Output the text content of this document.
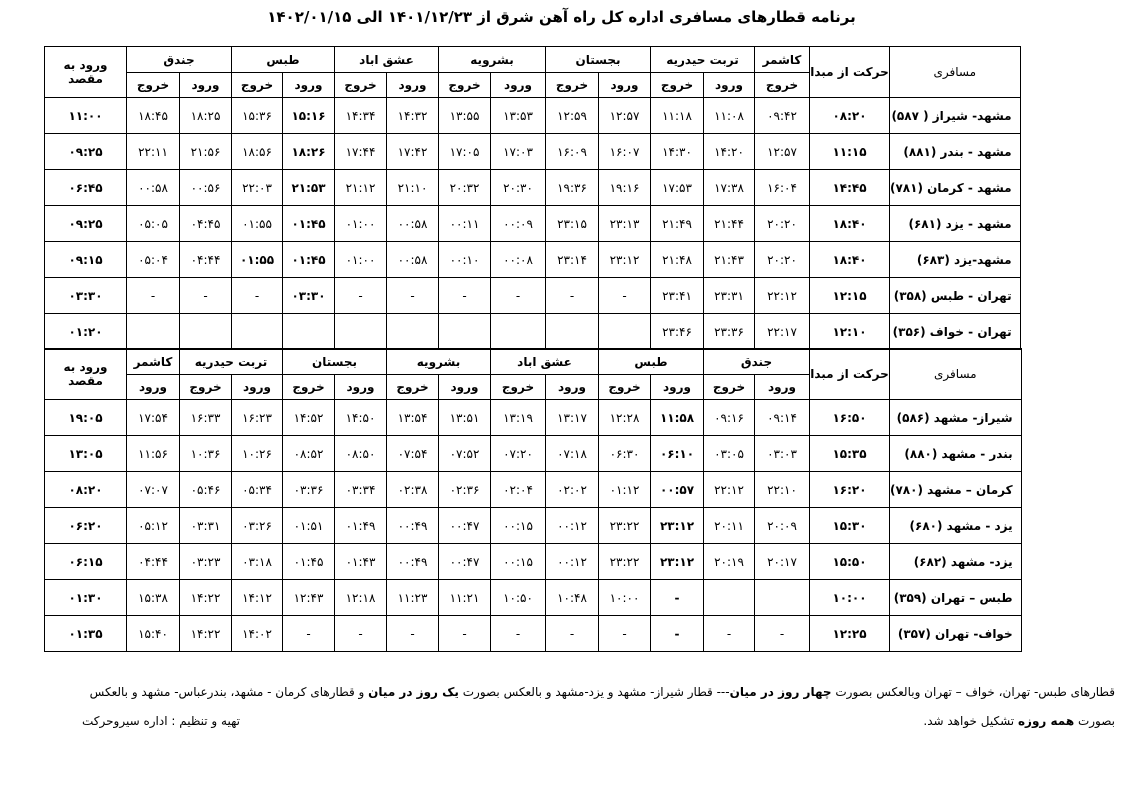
برنامه قطارهای مسافری اداره کل راه آهن شرق از ۱۴۰۱/۱۲/۲۳ الی ۱۴۰۲/۰۱/۱۵
مسافری	حرکت از مبدا	کاشمر	تربت حیدریه		بجستان		بشرویه		عشق اباد		طبس		جندق		ورود به مقصد
		خروج	ورود	خروج	ورود	خروج	ورود	خروج	ورود	خروج	ورود	خروج	ورود	خروج	
مشهد- شیراز ( ۵۸۷)	۰۸:۲۰	۰۹:۴۲	۱۱:۰۸	۱۱:۱۸	۱۲:۵۷	۱۲:۵۹	۱۳:۵۳	۱۳:۵۵	۱۴:۳۲	۱۴:۳۴	۱۵:۱۶	۱۵:۳۶	۱۸:۲۵	۱۸:۴۵	۱۱:۰۰
مشهد - بندر (۸۸۱)	۱۱:۱۵	۱۲:۵۷	۱۴:۲۰	۱۴:۳۰	۱۶:۰۷	۱۶:۰۹	۱۷:۰۳	۱۷:۰۵	۱۷:۴۲	۱۷:۴۴	۱۸:۲۶	۱۸:۵۶	۲۱:۵۶	۲۲:۱۱	۰۹:۲۵
مشهد - کرمان (۷۸۱)	۱۴:۴۵	۱۶:۰۴	۱۷:۳۸	۱۷:۵۳	۱۹:۱۶	۱۹:۳۶	۲۰:۳۰	۲۰:۳۲	۲۱:۱۰	۲۱:۱۲	۲۱:۵۳	۲۲:۰۳	۰۰:۵۶	۰۰:۵۸	۰۶:۴۵
مشهد - یزد (۶۸۱)	۱۸:۴۰	۲۰:۲۰	۲۱:۴۴	۲۱:۴۹	۲۳:۱۳	۲۳:۱۵	۰۰:۰۹	۰۰:۱۱	۰۰:۵۸	۰۱:۰۰	۰۱:۴۵	۰۱:۵۵	۰۴:۴۵	۰۵:۰۵	۰۹:۲۵
مشهد-یزد (۶۸۳)	۱۸:۴۰	۲۰:۲۰	۲۱:۴۳	۲۱:۴۸	۲۳:۱۲	۲۳:۱۴	۰۰:۰۸	۰۰:۱۰	۰۰:۵۸	۰۱:۰۰	۰۱:۴۵	۰۱:۵۵	۰۴:۴۴	۰۵:۰۴	۰۹:۱۵
تهران - طبس (۳۵۸)	۱۲:۱۵	۲۲:۱۲	۲۳:۳۱	۲۳:۴۱	-	-	-	-	-	-	۰۳:۳۰	-	-	-	۰۳:۳۰
تهران - خواف (۳۵۶)	۱۲:۱۰	۲۲:۱۷	۲۳:۳۶	۲۳:۴۶											۰۱:۲۰
مسافری	حرکت از مبدا	جندق		طبس		عشق اباد		بشرویه		بجستان		تربت حیدریه		کاشمر	ورود به مقصد
		ورود	خروج	ورود	خروج	ورود	خروج	ورود	خروج	ورود	خروج	ورود	خروج	ورود	
شیراز- مشهد (۵۸۶)	۱۶:۵۰	۰۹:۱۴	۰۹:۱۶	۱۱:۵۸	۱۲:۲۸	۱۳:۱۷	۱۳:۱۹	۱۳:۵۱	۱۳:۵۴	۱۴:۵۰	۱۴:۵۲	۱۶:۲۳	۱۶:۳۳	۱۷:۵۴	۱۹:۰۵
بندر - مشهد (۸۸۰)	۱۵:۳۵	۰۳:۰۳	۰۳:۰۵	۰۶:۱۰	۰۶:۳۰	۰۷:۱۸	۰۷:۲۰	۰۷:۵۲	۰۷:۵۴	۰۸:۵۰	۰۸:۵۲	۱۰:۲۶	۱۰:۳۶	۱۱:۵۶	۱۳:۰۵
کرمان – مشهد (۷۸۰)	۱۶:۲۰	۲۲:۱۰	۲۲:۱۲	۰۰:۵۷	۰۱:۱۲	۰۲:۰۲	۰۲:۰۴	۰۲:۳۶	۰۲:۳۸	۰۳:۳۴	۰۳:۳۶	۰۵:۳۴	۰۵:۴۶	۰۷:۰۷	۰۸:۲۰
یزد - مشهد (۶۸۰)	۱۵:۳۰	۲۰:۰۹	۲۰:۱۱	۲۳:۱۲	۲۳:۲۲	۰۰:۱۲	۰۰:۱۵	۰۰:۴۷	۰۰:۴۹	۰۱:۴۹	۰۱:۵۱	۰۳:۲۶	۰۳:۳۱	۰۵:۱۲	۰۶:۲۰
یزد- مشهد (۶۸۲)	۱۵:۵۰	۲۰:۱۷	۲۰:۱۹	۲۳:۱۲	۲۳:۲۲	۰۰:۱۲	۰۰:۱۵	۰۰:۴۷	۰۰:۴۹	۰۱:۴۳	۰۱:۴۵	۰۳:۱۸	۰۳:۲۳	۰۴:۴۴	۰۶:۱۵
طبس – تهران (۳۵۹)	۱۰:۰۰			-	۱۰:۰۰	۱۰:۴۸	۱۰:۵۰	۱۱:۲۱	۱۱:۲۳	۱۲:۱۸	۱۲:۴۳	۱۴:۱۲	۱۴:۲۲	۱۵:۳۸	۰۱:۳۰
خواف- تهران (۳۵۷)	۱۲:۲۵	-	-	-	-	-	-	-	-	-	-	۱۴:۰۲	۱۴:۲۲	۱۵:۴۰	۰۱:۳۵
قطارهای طبس- تهران، خواف – تهران وبالعکس بصورت چهار روز در میان--- قطار شیراز- مشهد و یزد-مشهد و بالعکس بصورت یک روز در میان و قطارهای کرمان - مشهد، بندرعباس- مشهد و بالعکس
بصورت همه روزه تشکیل خواهد شد.
تهیه و تنظیم : اداره سیروحرکت
